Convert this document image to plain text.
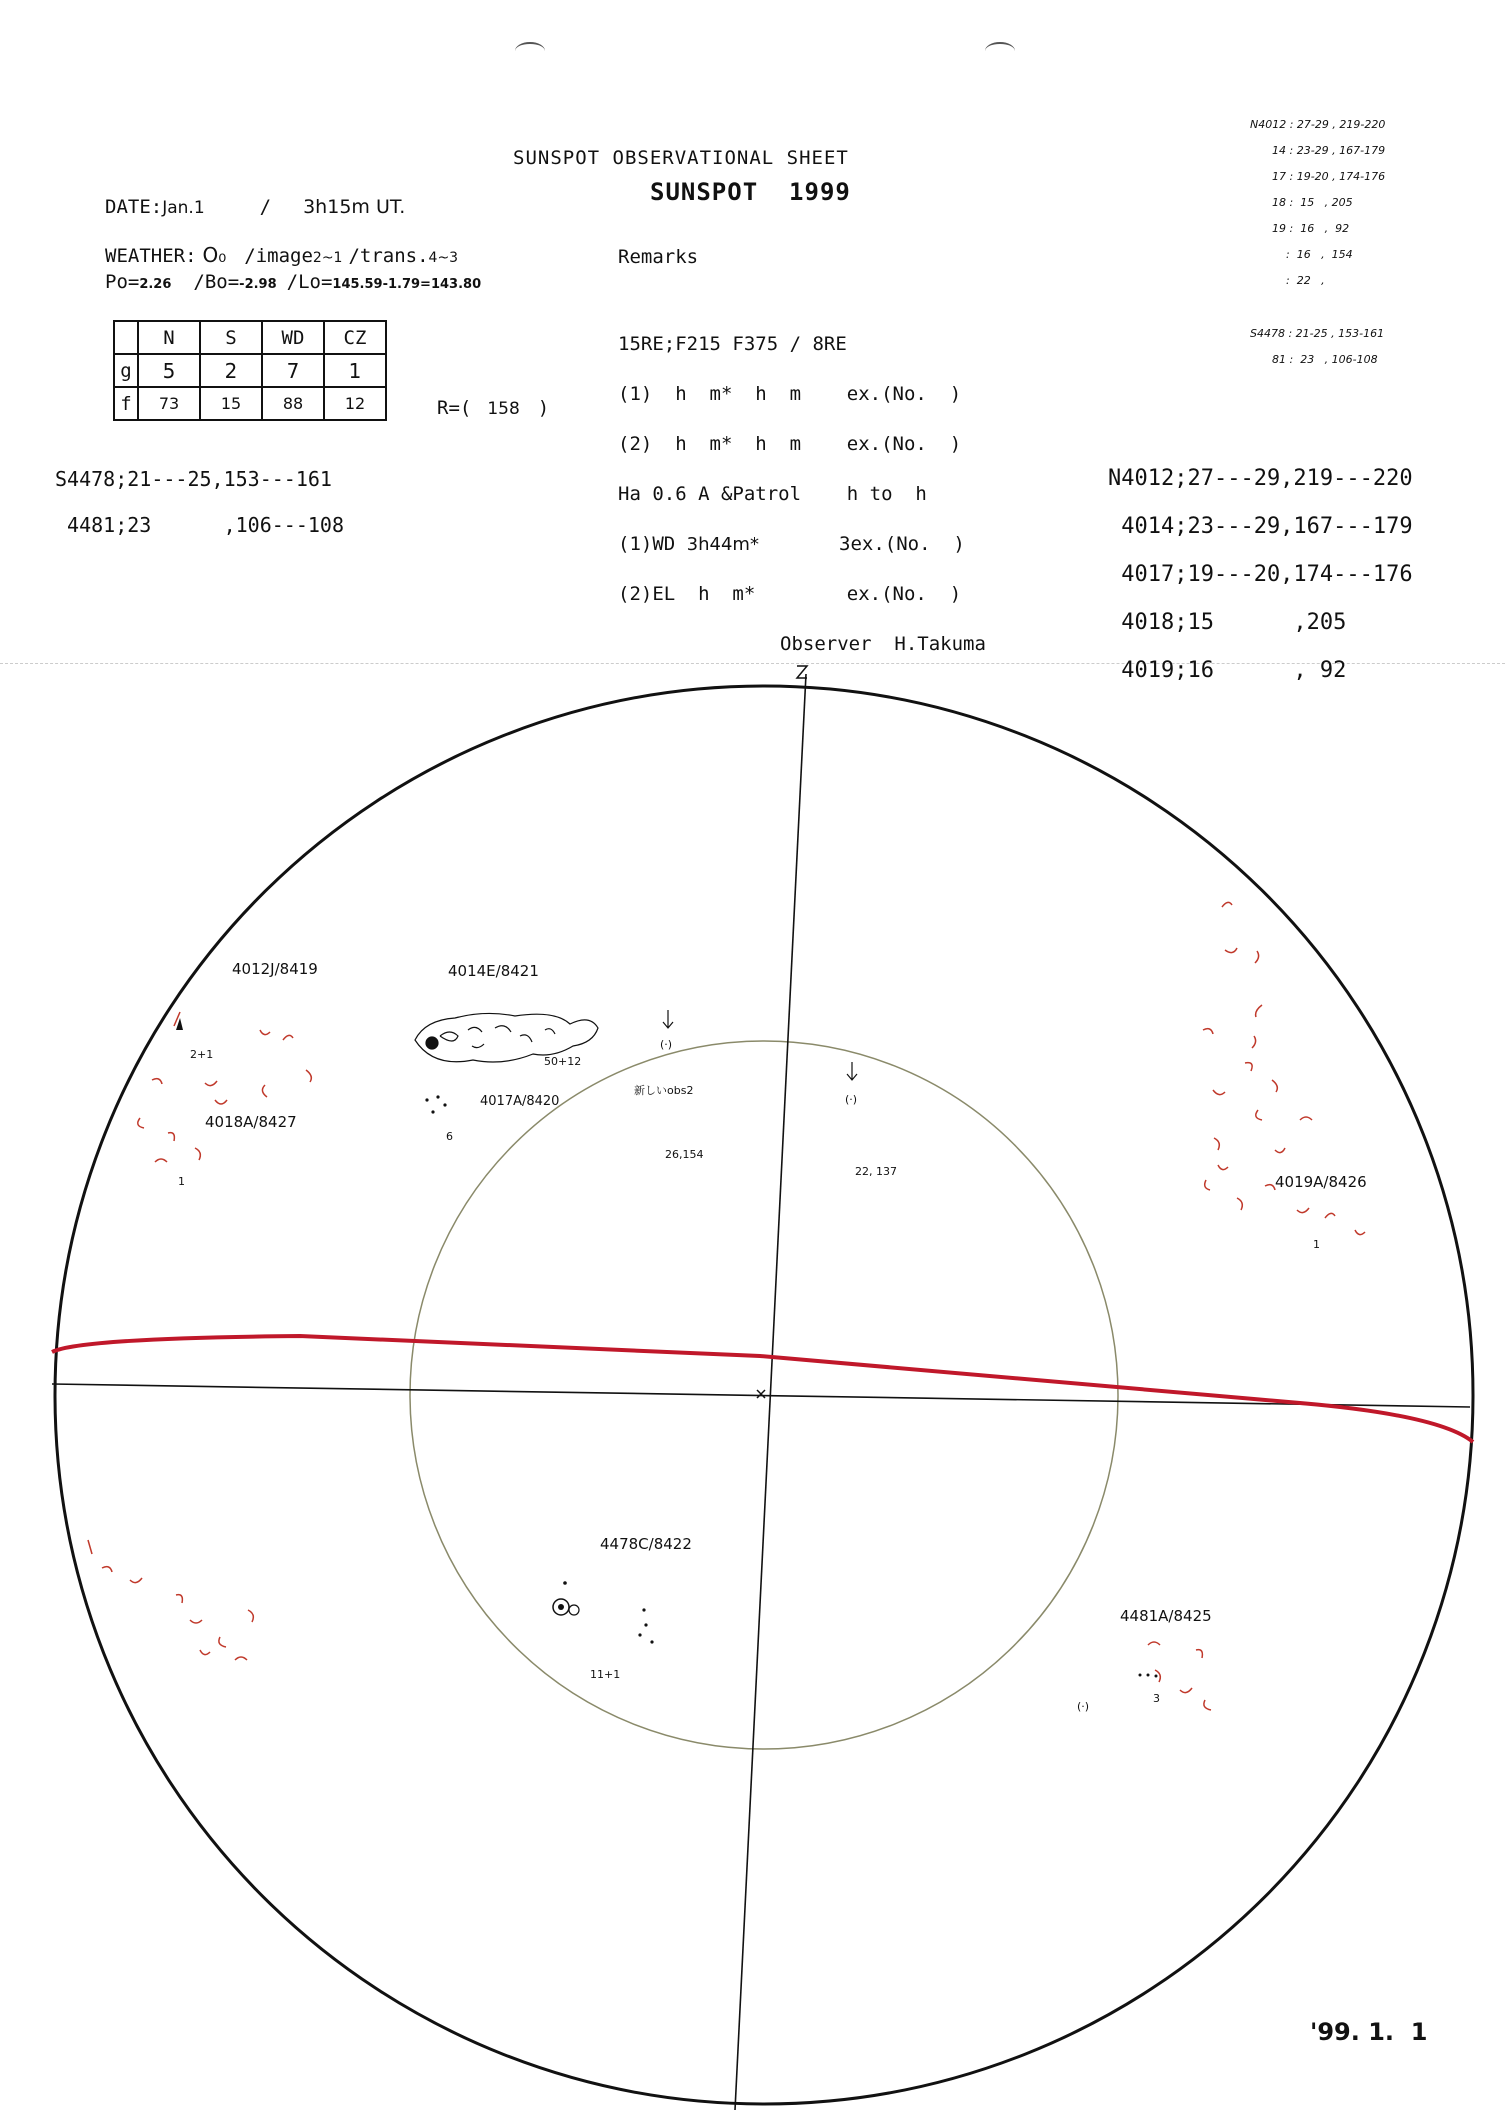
SUNSPOT OBSERVATIONAL SHEET
SUNSPOT  1999
DATE:Jan.1	/ 3h15m UT.
WEATHER: O₀ /image2~1 /trans.4~3
Po=2.26 /Bo=-2.98 /Lo=145.59-1.79=143.80
	N	S	WD	CZ
g	5	2	7	1
f	73	15	88	12	R=( 158 )

Remarks

15RE;F215 F375 / 8RE

(1)  h  m*  h  m    ex.(No.  )

(2)  h  m*  h  m    ex.(No.  )

Ha 0.6 A &Patrol    h to  h

(1)WD 3h44m*       3ex.(No.  )

(2)EL  h  m*        ex.(No.  )

Observer  H.Takuma

S4478;21---25,153---161

4481;23      ,106---108

N4012;27---29,219---220

4014;23---29,167---179

4017;19---20,174---176

4018;15      ,205

4019;16      , 92

N4012 : 27-29 , 219-220

14 : 23-29 , 167-179

17 : 19-20 , 174-176

18 :  15   , 205

19 :  16   ,  92

:  16   ,  154

:  22   ,

S4478 : 21-25 , 153-161

81 :  23   , 106-108

4012J/8419	4014E/8421
4017A/8420
4018A/8427
4019A/8426
4478C/8422
4481A/8425
新しいobs2
26,154
22, 137
2+1
1
50+12
6
1
11+1
3
(·)
(·)
(·)
'99. 1.  1
